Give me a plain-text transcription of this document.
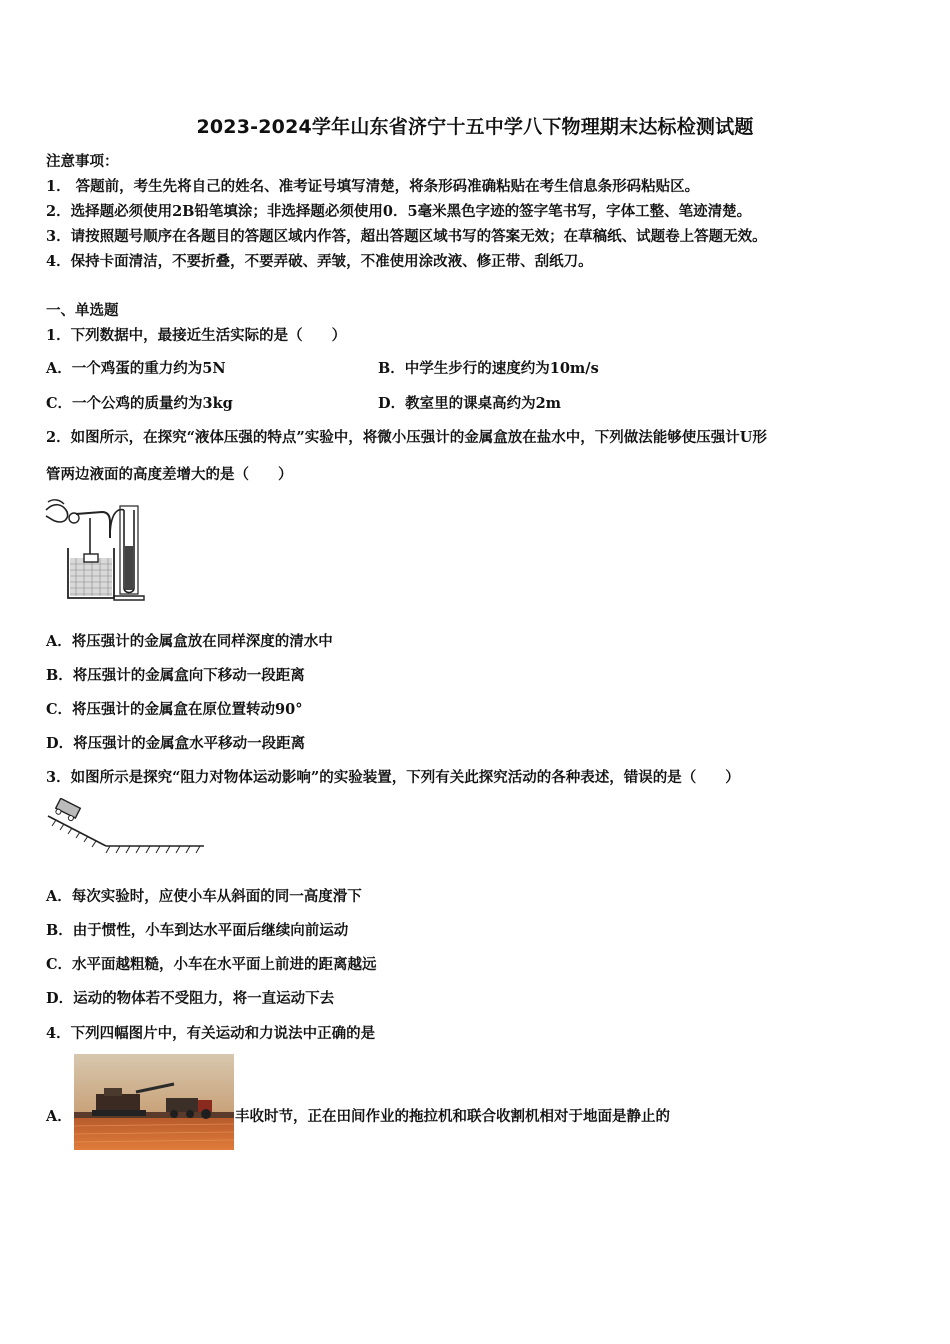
2023-2024学年山东省济宁十五中学八下物理期末达标检测试题
注意事项：
1． 答题前，考生先将自己的姓名、准考证号填写清楚，将条形码准确粘贴在考生信息条形码粘贴区。
2．选择题必须使用2B铅笔填涂；非选择题必须使用0．5毫米黑色字迹的签字笔书写，字体工整、笔迹清楚。
3．请按照题号顺序在各题目的答题区域内作答，超出答题区域书写的答案无效；在草稿纸、试题卷上答题无效。
4．保持卡面清洁，不要折叠，不要弄破、弄皱，不准使用涂改液、修正带、刮纸刀。
一、单选题
1．下列数据中，最接近生活实际的是（　　）
A．一个鸡蛋的重力约为5N	B．中学生步行的速度约为10m/s
C．一个公鸡的质量约为3kg	D．教室里的课桌高约为2m
2．如图所示，在探究“液体压强的特点”实验中，将微小压强计的金属盒放在盐水中，下列做法能够使压强计U形
管两边液面的高度差增大的是（　　）
A．将压强计的金属盒放在同样深度的清水中
B．将压强计的金属盒向下移动一段距离
C．将压强计的金属盒在原位置转动90°
D．将压强计的金属盒水平移动一段距离
3．如图所示是探究“阻力对物体运动影响”的实验装置，下列有关此探究活动的各种表述，错误的是（　　）
A．每次实验时，应使小车从斜面的同一高度滑下
B．由于惯性，小车到达水平面后继续向前运动
C．水平面越粗糙，小车在水平面上前进的距离越远
D．运动的物体若不受阻力，将一直运动下去
4．下列四幅图片中，有关运动和力说法中正确的是
A．	丰收时节，正在田间作业的拖拉机和联合收割机相对于地面是静止的
